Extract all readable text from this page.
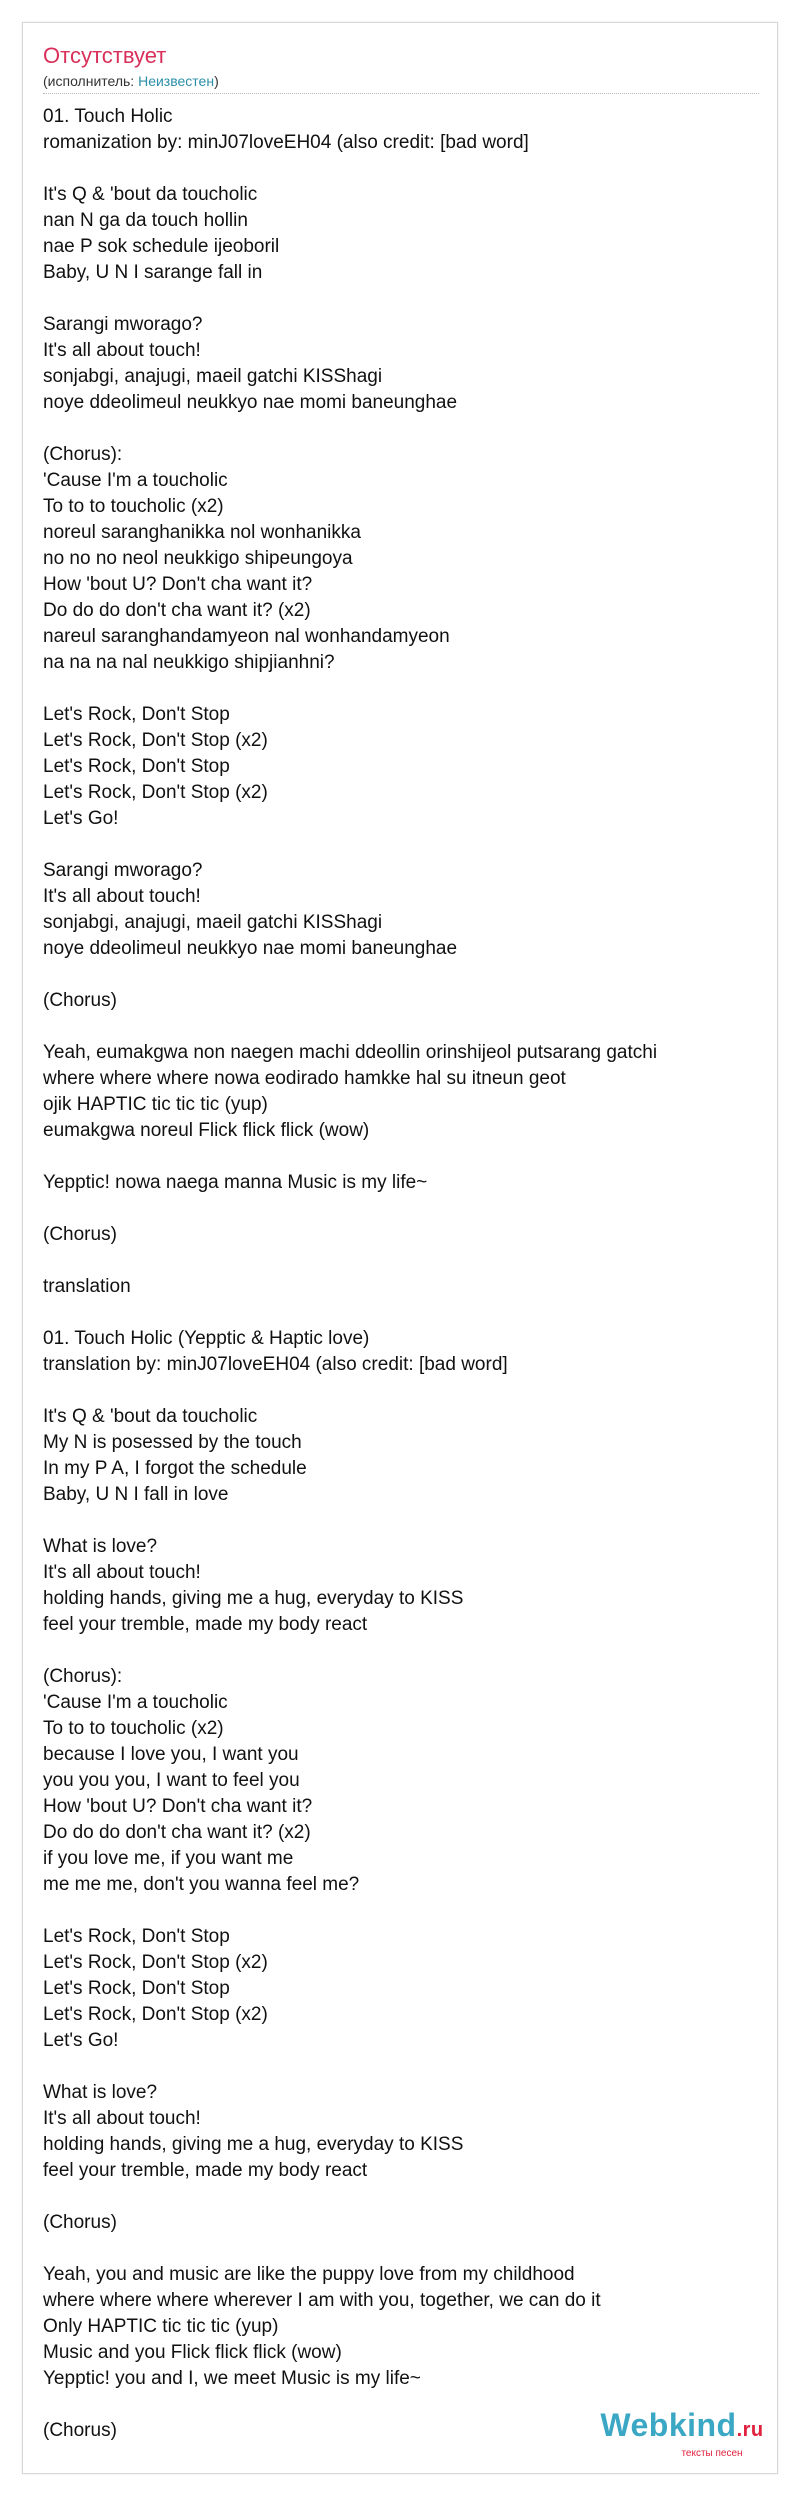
Отсутствует
(исполнитель: Неизвестен)
01. Touch Holic
romanization by: minJ07loveEH04 (also credit: [bad word]

It's Q & 'bout da toucholic
nan N ga da touch hollin
nae P sok schedule ijeoboril
Baby, U N I sarange fall in

Sarangi mworago?
It's all about touch!
sonjabgi, anajugi, maeil gatchi KISShagi
noye ddeolimeul neukkyo nae momi baneunghae

(Chorus):
'Cause I'm a toucholic
To to to toucholic (x2)
noreul saranghanikka nol wonhanikka
no no no neol neukkigo shipeungoya
How 'bout U? Don't cha want it?
Do do do don't cha want it? (x2)
nareul saranghandamyeon nal wonhandamyeon
na na na nal neukkigo shipjianhni?

Let's Rock, Don't Stop
Let's Rock, Don't Stop (x2)
Let's Rock, Don't Stop
Let's Rock, Don't Stop (x2)
Let's Go!

Sarangi mworago?
It's all about touch!
sonjabgi, anajugi, maeil gatchi KISShagi
noye ddeolimeul neukkyo nae momi baneunghae

(Chorus)

Yeah, eumakgwa non naegen machi ddeollin orinshijeol putsarang gatchi
where where where nowa eodirado hamkke hal su itneun geot
ojik HAPTIC tic tic tic (yup)
eumakgwa noreul Flick flick flick (wow)

Yepptic! nowa naega manna Music is my life~

(Chorus)

translation

01. Touch Holic (Yepptic & Haptic love)
translation by: minJ07loveEH04 (also credit: [bad word]

It's Q & 'bout da toucholic
My N is posessed by the touch
In my P A, I forgot the schedule
Baby, U N I fall in love

What is love?
It's all about touch!
holding hands, giving me a hug, everyday to KISS
feel your tremble, made my body react

(Chorus):
'Cause I'm a toucholic
To to to toucholic (x2)
because I love you, I want you
you you you, I want to feel you
How 'bout U? Don't cha want it?
Do do do don't cha want it? (x2)
if you love me, if you want me
me me me, don't you wanna feel me?

Let's Rock, Don't Stop
Let's Rock, Don't Stop (x2)
Let's Rock, Don't Stop
Let's Rock, Don't Stop (x2)
Let's Go!

What is love?
It's all about touch!
holding hands, giving me a hug, everyday to KISS
feel your tremble, made my body react

(Chorus)

Yeah, you and music are like the puppy love from my childhood
where where where wherever I am with you, together, we can do it
Only HAPTIC tic tic tic (yup)
Music and you Flick flick flick (wow)
Yepptic! you and I, we meet Music is my life~

(Chorus)	Webkind.ru
тексты песен
